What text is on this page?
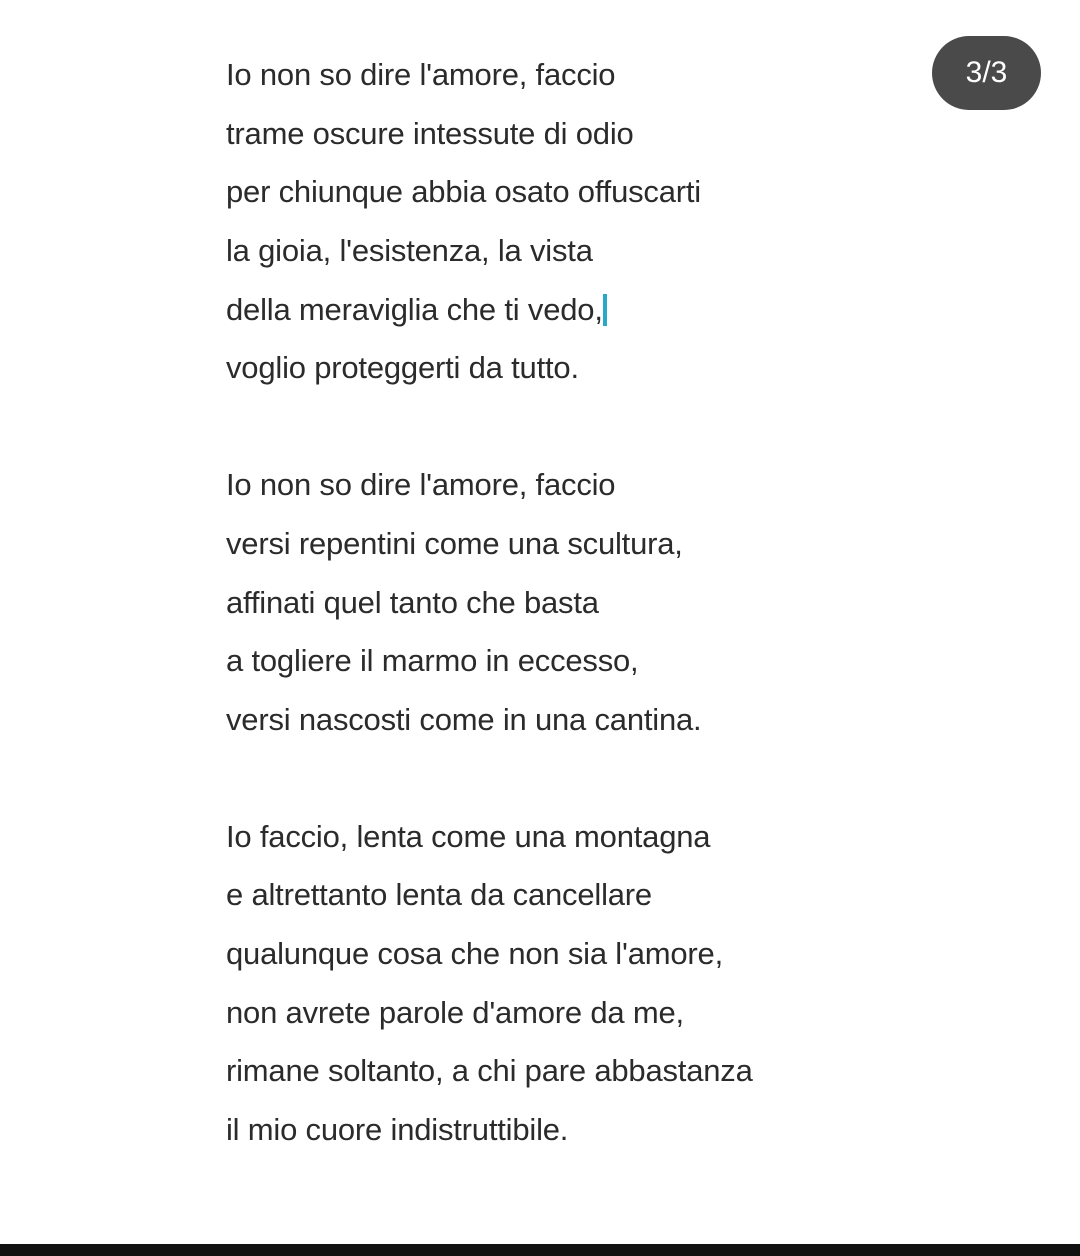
3/3
Io non so dire l'amore, faccio
trame oscure intessute di odio
per chiunque abbia osato offuscarti
la gioia, l'esistenza, la vista
della meraviglia che ti vedo,
voglio proteggerti da tutto.
Io non so dire l'amore, faccio
versi repentini come una scultura,
affinati quel tanto che basta
a togliere il marmo in eccesso,
versi nascosti come in una cantina.
Io faccio, lenta come una montagna
e altrettanto lenta da cancellare
qualunque cosa che non sia l'amore,
non avrete parole d'amore da me,
rimane soltanto, a chi pare abbastanza
il mio cuore indistruttibile.
